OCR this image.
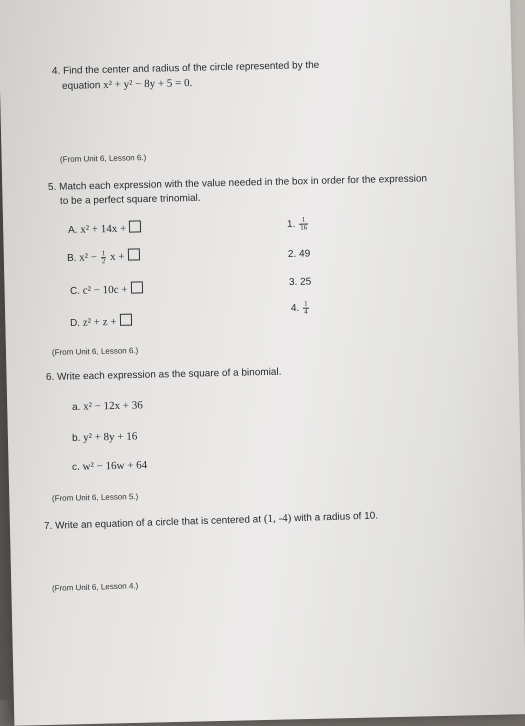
4. Find the center and radius of the circle represented by the
equation x² + y² − 8y + 5 = 0.
(From Unit 6, Lesson 6.)
5. Match each expression with the value needed in the box in order for the expression
to be a perfect square trinomial.
A. x² + 14x +
B. $x^2 - \frac{1}{2}$ x +
C. c² − 10c +
D. z² + z +
1. $\frac{1}{16}$
2. 49
3. 25
4. $\frac{1}{4}$
(From Unit 6, Lesson 6.)
6. Write each expression as the square of a binomial.
a. x² − 12x + 36
b. y² + 8y + 16
c. w² − 16w + 64
(From Unit 6, Lesson 5.)
7. Write an equation of a circle that is centered at (1, -4) with a radius of 10.
(From Unit 6, Lesson 4.)
